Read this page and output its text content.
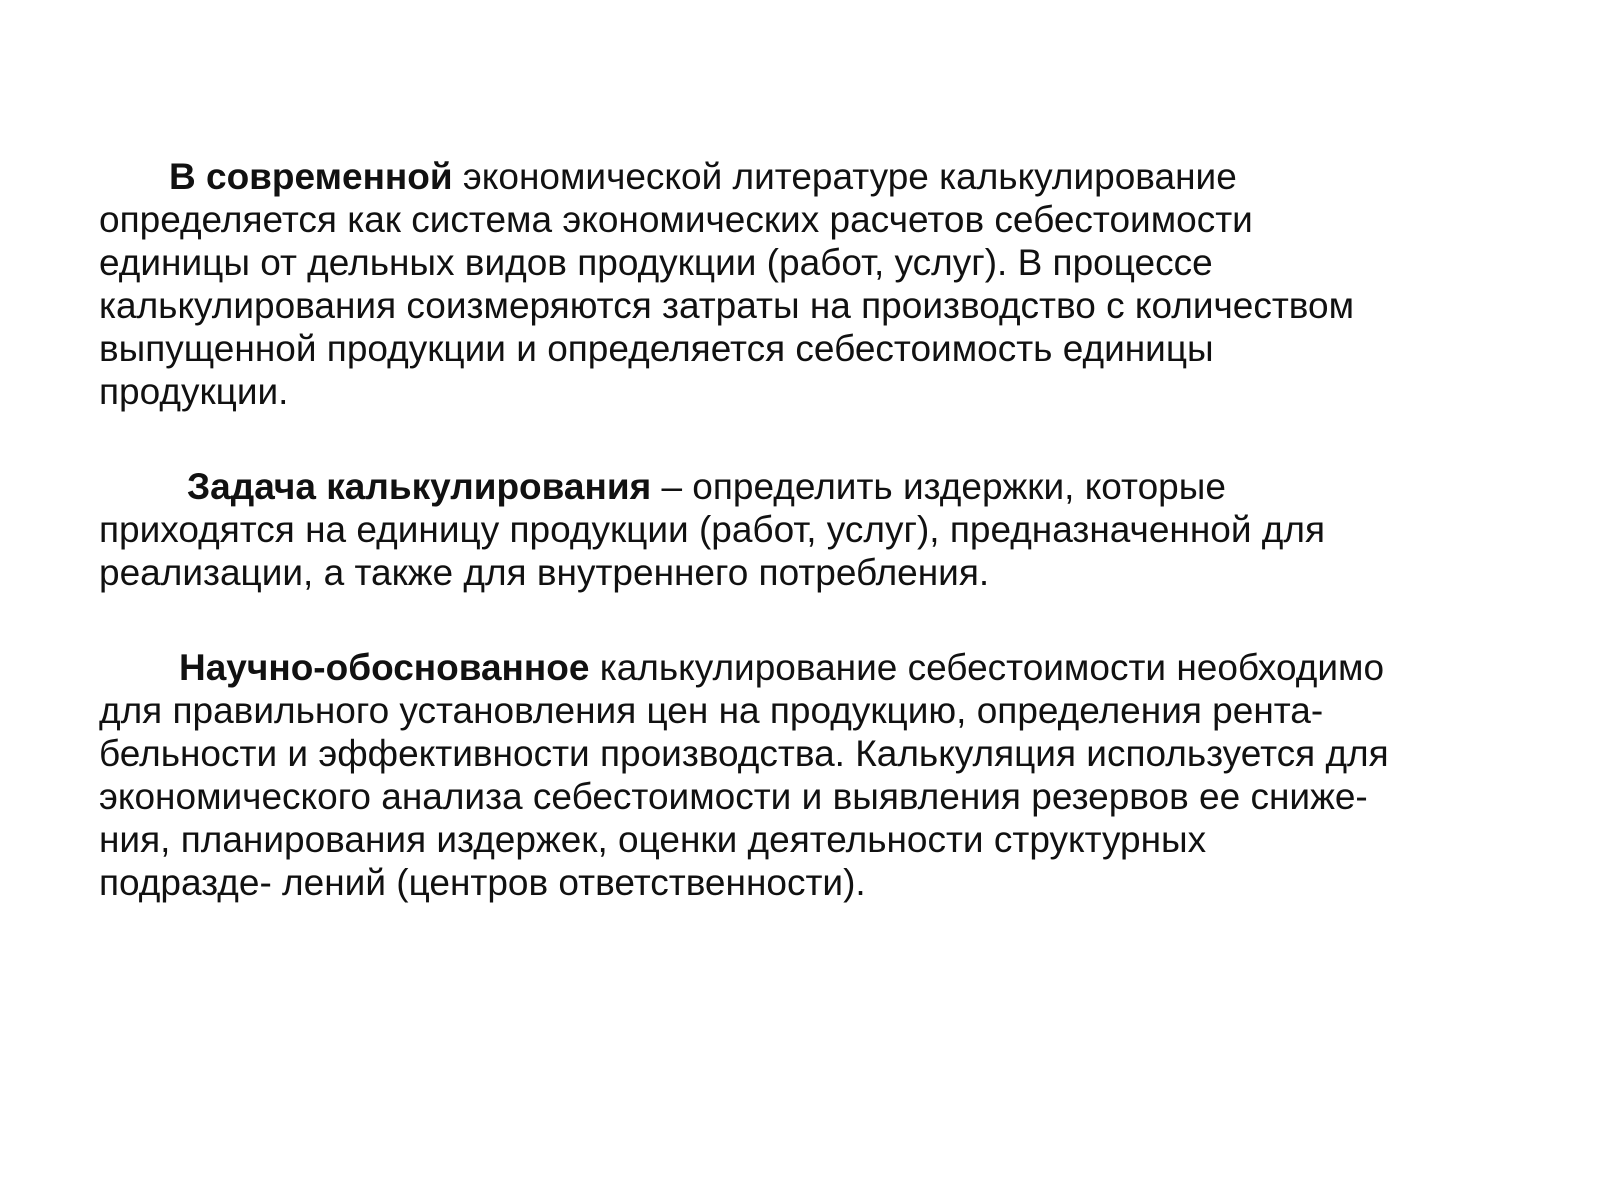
В современной экономической литературе калькулирование
определяется как система экономических расчетов себестоимости
единицы от дельных видов продукции (работ, услуг). В процессе
калькулирования соизмеряются затраты на производство с количеством
выпущенной продукции и определяется себестоимость единицы
продукции.

Задача калькулирования – определить издержки, которые
приходятся на единицу продукции (работ, услуг), предназначенной для
реализации, а также для внутреннего потребления.

Научно-обоснованное калькулирование себестоимости необходимо
для правильного установления цен на продукцию, определения рента-
бельности и эффективности производства. Калькуляция используется для
экономического анализа себестоимости и выявления резервов ее сниже-
ния, планирования издержек, оценки деятельности структурных
подразде- лений (центров ответственности).
